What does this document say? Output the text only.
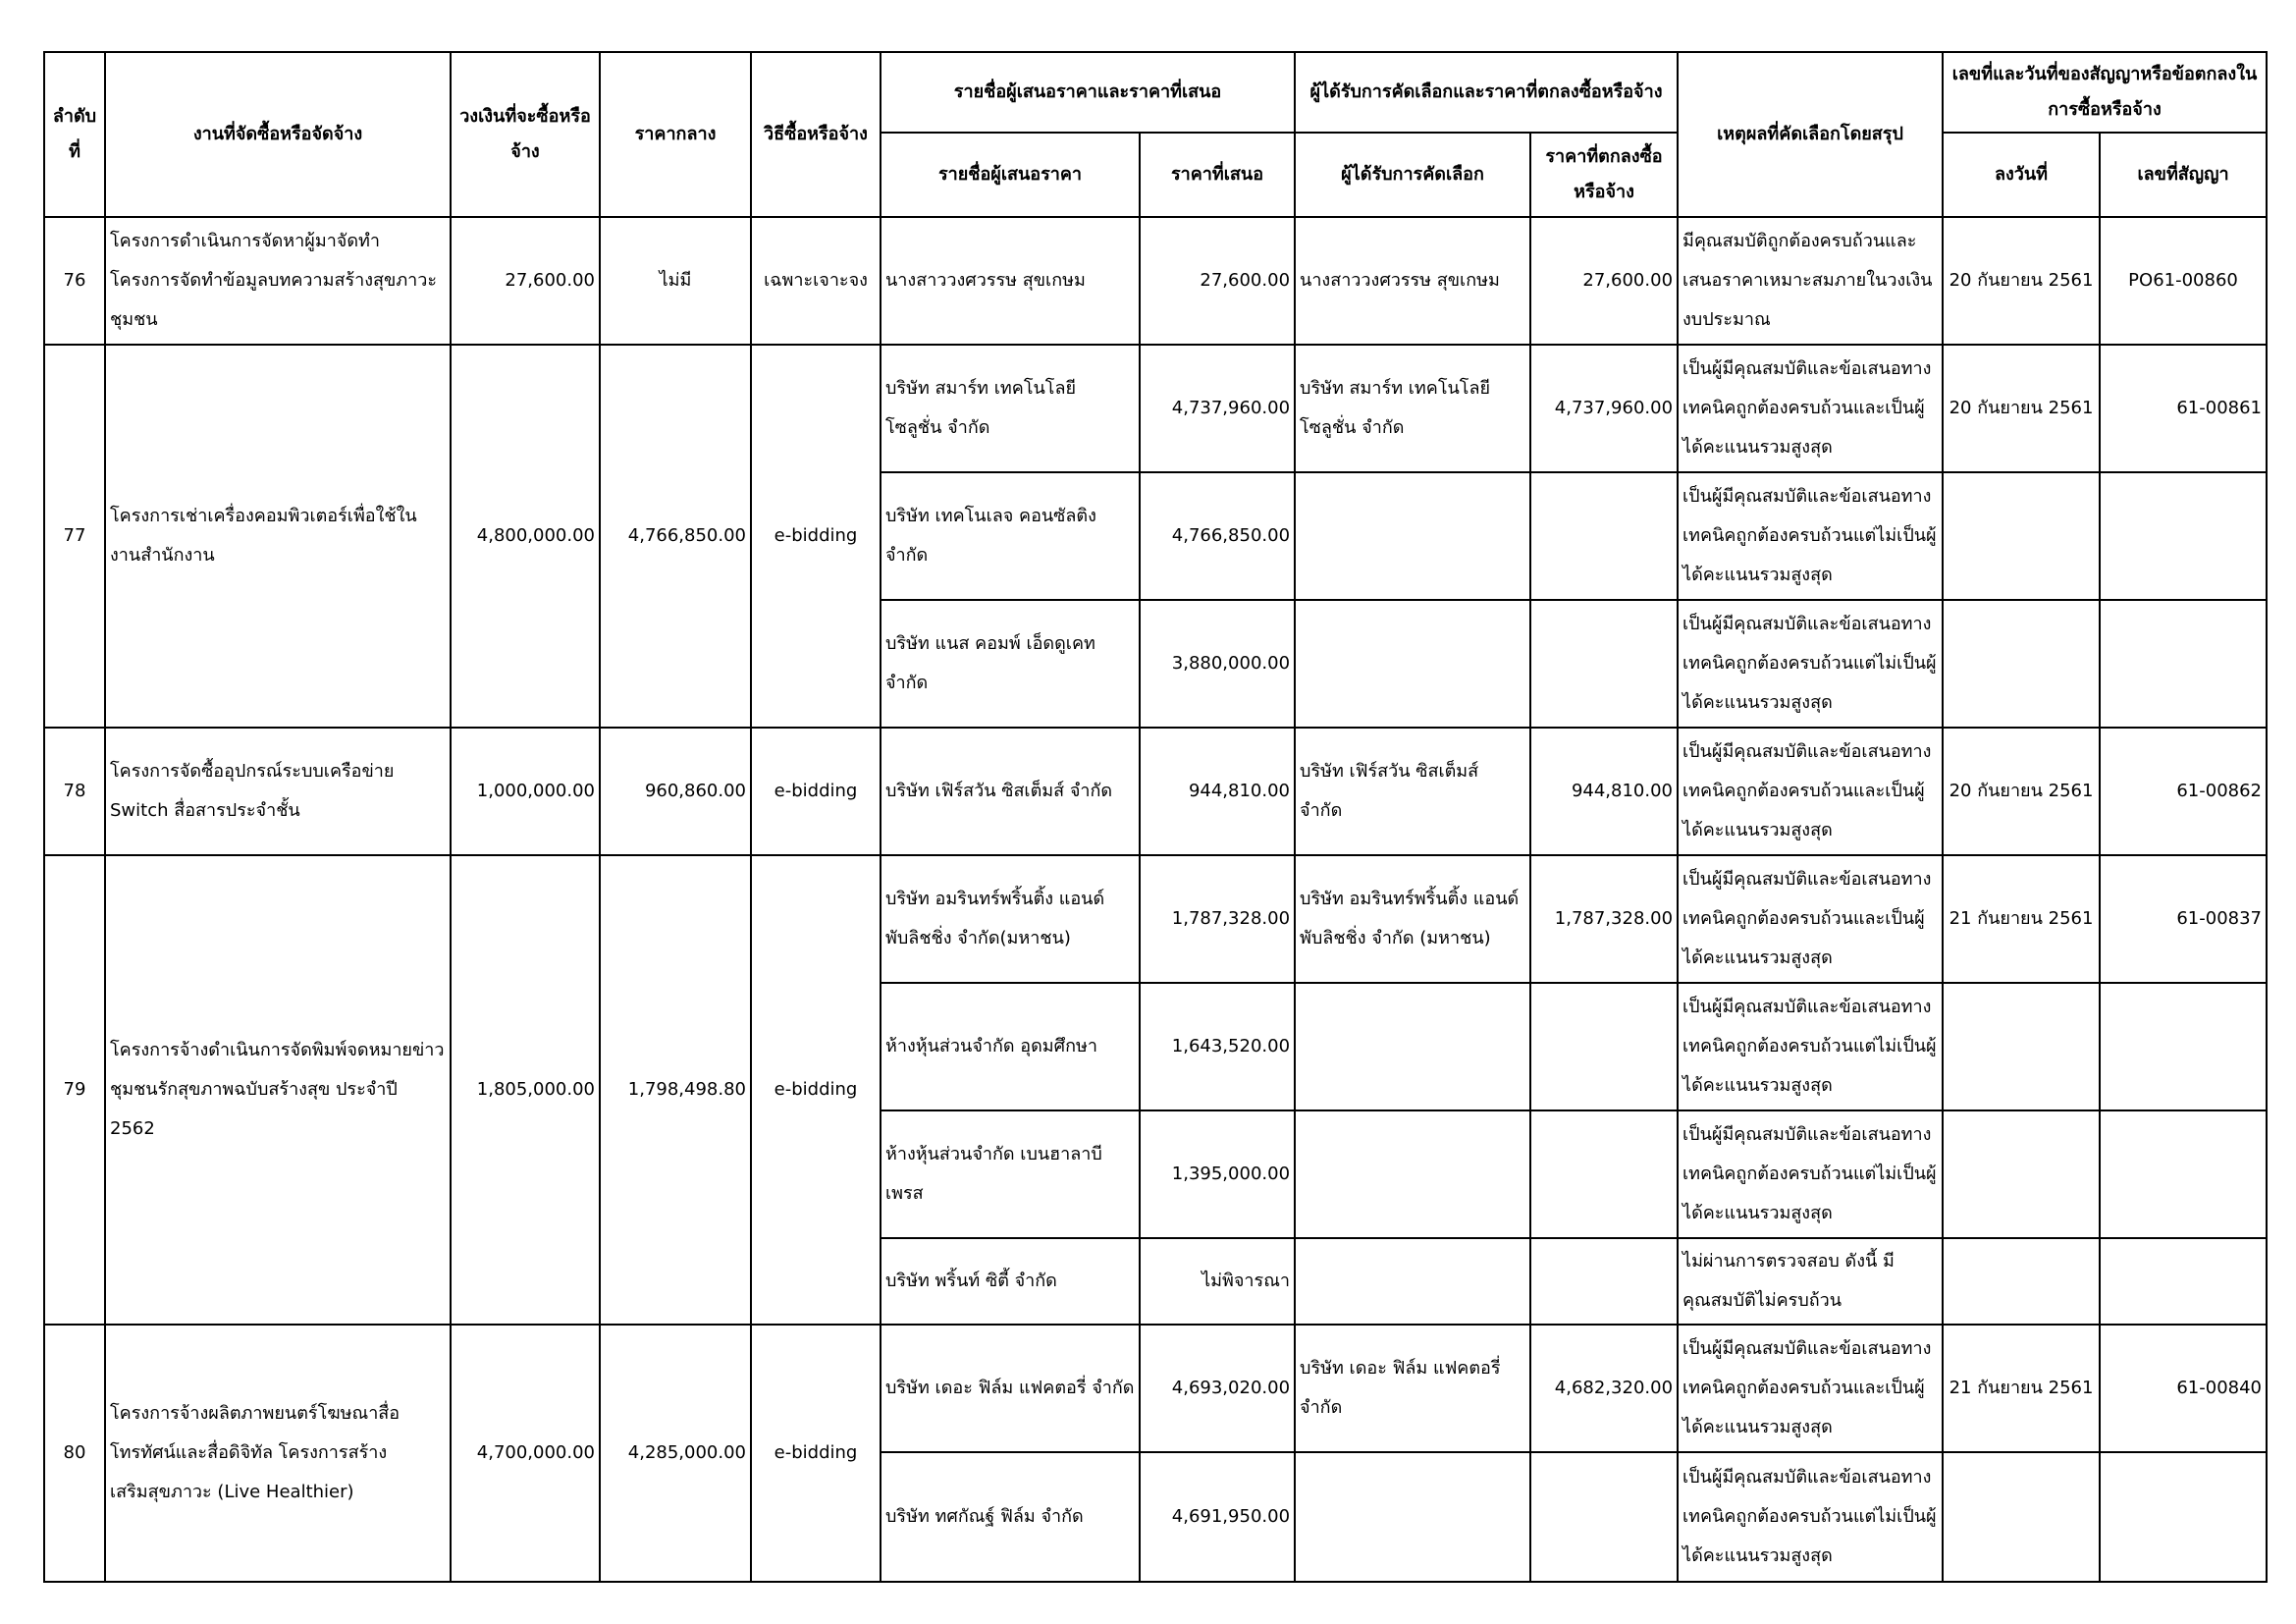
ลำดับที่	งานที่จัดซื้อหรือจัดจ้าง	วงเงินที่จะซื้อหรือจ้าง	ราคากลาง	วิธีซื้อหรือจ้าง	รายชื่อผู้เสนอราคาและราคาที่เสนอ		ผู้ได้รับการคัดเลือกและราคาที่ตกลงซื้อหรือจ้าง		เหตุผลที่คัดเลือกโดยสรุป	เลขที่และวันที่ของสัญญาหรือข้อตกลงในการซื้อหรือจ้าง	
					รายชื่อผู้เสนอราคา	ราคาที่เสนอ	ผู้ได้รับการคัดเลือก	ราคาที่ตกลงซื้อหรือจ้าง		ลงวันที่	เลขที่สัญญา
76	โครงการดำเนินการจัดหาผู้มาจัดทำโครงการจัดทำข้อมูลบทความสร้างสุขภาวะชุมชน	27,600.00	ไม่มี	เฉพาะเจาะจง	นางสาววงศวรรษ สุขเกษม	27,600.00	นางสาววงศวรรษ สุขเกษม	27,600.00	มีคุณสมบัติถูกต้องครบถ้วนและเสนอราคาเหมาะสมภายในวงเงินงบประมาณ	20 กันยายน 2561	PO61-00860
77	โครงการเช่าเครื่องคอมพิวเตอร์เพื่อใช้ในงานสำนักงาน	4,800,000.00	4,766,850.00	e-bidding	บริษัท สมาร์ท เทคโนโลยี โซลูชั่น จำกัด	4,737,960.00	บริษัท สมาร์ท เทคโนโลยี โซลูชั่น จำกัด	4,737,960.00	เป็นผู้มีคุณสมบัติและข้อเสนอทางเทคนิคถูกต้องครบถ้วนและเป็นผู้ได้คะแนนรวมสูงสุด	20 กันยายน 2561	61-00861
					บริษัท เทคโนเลจ คอนซัลติง จำกัด	4,766,850.00			เป็นผู้มีคุณสมบัติและข้อเสนอทางเทคนิคถูกต้องครบถ้วนแต่ไม่เป็นผู้ได้คะแนนรวมสูงสุด		
					บริษัท แนส คอมพ์ เอ็ดดูเคท จำกัด	3,880,000.00			เป็นผู้มีคุณสมบัติและข้อเสนอทางเทคนิคถูกต้องครบถ้วนแต่ไม่เป็นผู้ได้คะแนนรวมสูงสุด		
78	โครงการจัดซื้ออุปกรณ์ระบบเครือข่าย Switch สื่อสารประจำชั้น	1,000,000.00	960,860.00	e-bidding	บริษัท เฟิร์สวัน ซิสเต็มส์ จำกัด	944,810.00	บริษัท เฟิร์สวัน ซิสเต็มส์ จำกัด	944,810.00	เป็นผู้มีคุณสมบัติและข้อเสนอทางเทคนิคถูกต้องครบถ้วนและเป็นผู้ได้คะแนนรวมสูงสุด	20 กันยายน 2561	61-00862
79	โครงการจ้างดำเนินการจัดพิมพ์จดหมายข่าวชุมชนรักสุขภาพฉบับสร้างสุข ประจำปี 2562	1,805,000.00	1,798,498.80	e-bidding	บริษัท อมรินทร์พริ้นติ้ง แอนด์ พับลิชชิ่ง จำกัด(มหาชน)	1,787,328.00	บริษัท อมรินทร์พริ้นติ้ง แอนด์ พับลิชชิ่ง จำกัด (มหาชน)	1,787,328.00	เป็นผู้มีคุณสมบัติและข้อเสนอทางเทคนิคถูกต้องครบถ้วนและเป็นผู้ได้คะแนนรวมสูงสุด	21 กันยายน 2561	61-00837
					ห้างหุ้นส่วนจำกัด อุดมศึกษา	1,643,520.00			เป็นผู้มีคุณสมบัติและข้อเสนอทางเทคนิคถูกต้องครบถ้วนแต่ไม่เป็นผู้ได้คะแนนรวมสูงสุด		
					ห้างหุ้นส่วนจำกัด เบนฮาลาบี เพรส	1,395,000.00			เป็นผู้มีคุณสมบัติและข้อเสนอทางเทคนิคถูกต้องครบถ้วนแต่ไม่เป็นผู้ได้คะแนนรวมสูงสุด		
					บริษัท พริ้นท์ ซิตี้ จำกัด	ไม่พิจารณา			ไม่ผ่านการตรวจสอบ ดังนี้ มีคุณสมบัติไม่ครบถ้วน		
80	โครงการจ้างผลิตภาพยนตร์โฆษณาสื่อโทรทัศน์และสื่อดิจิทัล โครงการสร้างเสริมสุขภาวะ (Live Healthier)	4,700,000.00	4,285,000.00	e-bidding	บริษัท เดอะ ฟิล์ม แฟคตอรี่ จำกัด	4,693,020.00	บริษัท เดอะ ฟิล์ม แฟคตอรี่ จำกัด	4,682,320.00	เป็นผู้มีคุณสมบัติและข้อเสนอทางเทคนิคถูกต้องครบถ้วนและเป็นผู้ได้คะแนนรวมสูงสุด	21 กันยายน 2561	61-00840
					บริษัท ทศกัณฐ์ ฟิล์ม จำกัด	4,691,950.00			เป็นผู้มีคุณสมบัติและข้อเสนอทางเทคนิคถูกต้องครบถ้วนแต่ไม่เป็นผู้ได้คะแนนรวมสูงสุด		
